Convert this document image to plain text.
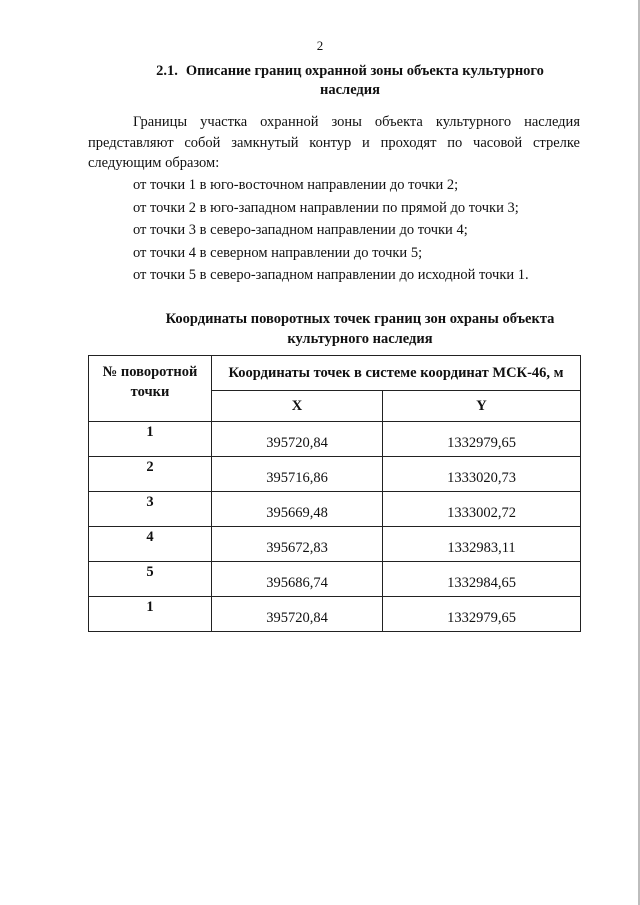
2
2.1. Описание границ охранной зоны объекта культурного
наследия
Границы участка охранной зоны объекта культурного наследия представляют собой замкнутый контур и проходят по часовой стрелке следующим образом:
от точки 1 в юго-восточном направлении до точки 2;
от точки 2 в юго-западном направлении по прямой до точки 3;
от точки 3 в северо-западном направлении до точки 4;
от точки 4 в северном направлении до точки 5;
от точки 5 в северо-западном направлении до исходной точки 1.
Координаты поворотных точек границ зон охраны объекта
культурного наследия
№ поворотной
точки	Координаты точек в системе координат МСК-46, м	
	X	Y
1	395720,84	1332979,65
2	395716,86	1333020,73
3	395669,48	1333002,72
4	395672,83	1332983,11
5	395686,74	1332984,65
1	395720,84	1332979,65
